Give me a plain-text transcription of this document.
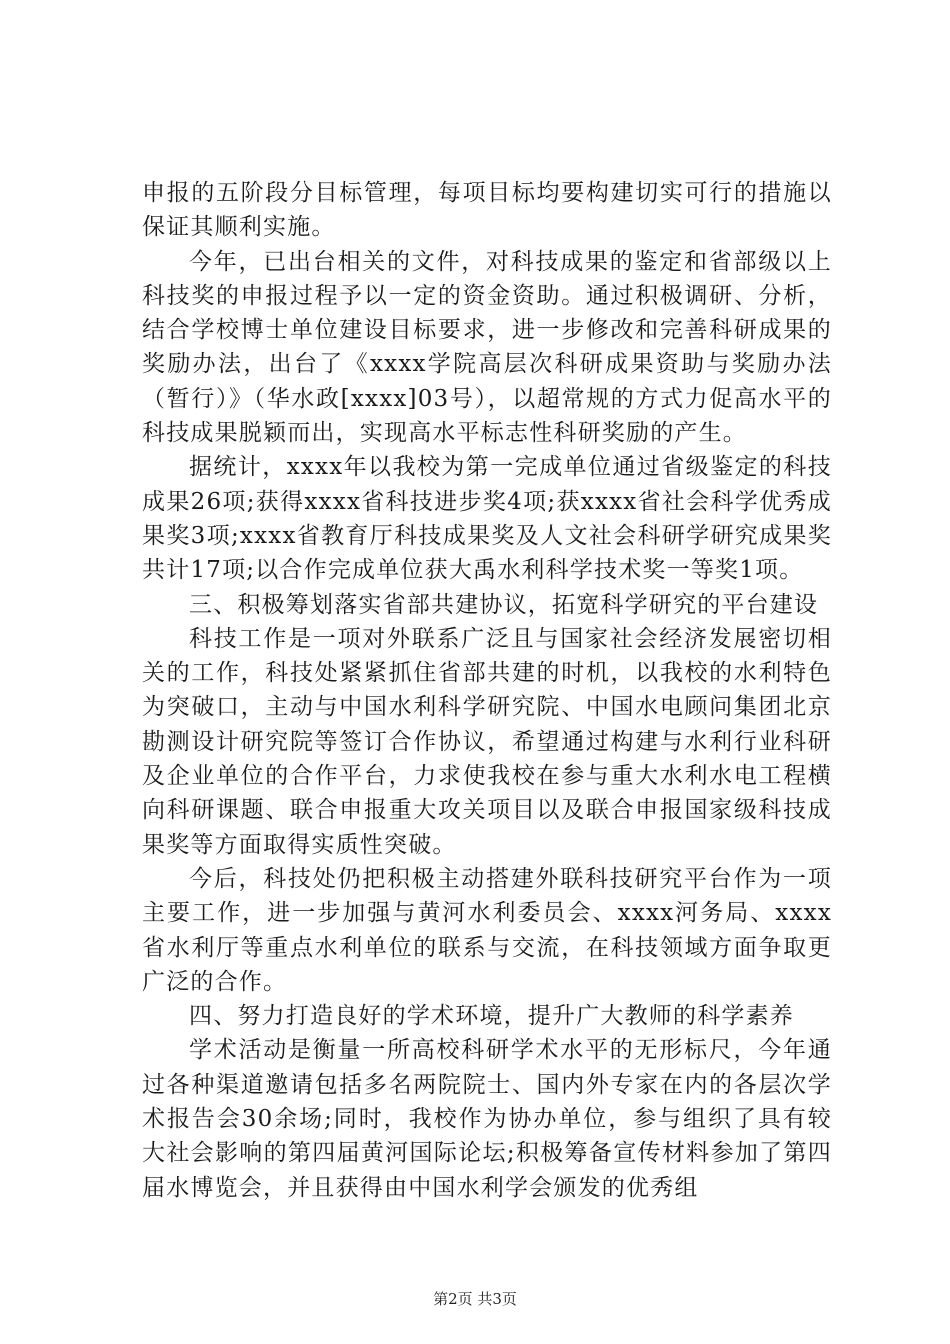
申报的五阶段分目标管理，每项目标均要构建切实可行的措施以保证其顺利实施。

今年，已出台相关的文件，对科技成果的鉴定和省部级以上科技奖的申报过程予以一定的资金资助。通过积极调研、分析，结合学校博士单位建设目标要求，进一步修改和完善科研成果的奖励办法，出台了《xxxx学院高层次科研成果资助与奖励办法（暂行）》（华水政[xxxx]03号），以超常规的方式力促高水平的科技成果脱颖而出，实现高水平标志性科研奖励的产生。

据统计，xxxx年以我校为第一完成单位通过省级鉴定的科技成果26项;获得xxxx省科技进步奖4项;获xxxx省社会科学优秀成果奖3项;xxxx省教育厅科技成果奖及人文社会科研学研究成果奖共计17项;以合作完成单位获大禹水利科学技术奖一等奖1项。

三、积极筹划落实省部共建协议，拓宽科学研究的平台建设

科技工作是一项对外联系广泛且与国家社会经济发展密切相关的工作，科技处紧紧抓住省部共建的时机，以我校的水利特色为突破口，主动与中国水利科学研究院、中国水电顾问集团北京勘测设计研究院等签订合作协议，希望通过构建与水利行业科研及企业单位的合作平台，力求使我校在参与重大水利水电工程横向科研课题、联合申报重大攻关项目以及联合申报国家级科技成果奖等方面取得实质性突破。

今后，科技处仍把积极主动搭建外联科技研究平台作为一项主要工作，进一步加强与黄河水利委员会、xxxx河务局、xxxx省水利厅等重点水利单位的联系与交流，在科技领域方面争取更广泛的合作。

四、努力打造良好的学术环境，提升广大教师的科学素养

学术活动是衡量一所高校科研学术水平的无形标尺，今年通过各种渠道邀请包括多名两院院士、国内外专家在内的各层次学术报告会30余场;同时，我校作为协办单位，参与组织了具有较大社会影响的第四届黄河国际论坛;积极筹备宣传材料参加了第四届水博览会，并且获得由中国水利学会颁发的优秀组

第2页 共3页
